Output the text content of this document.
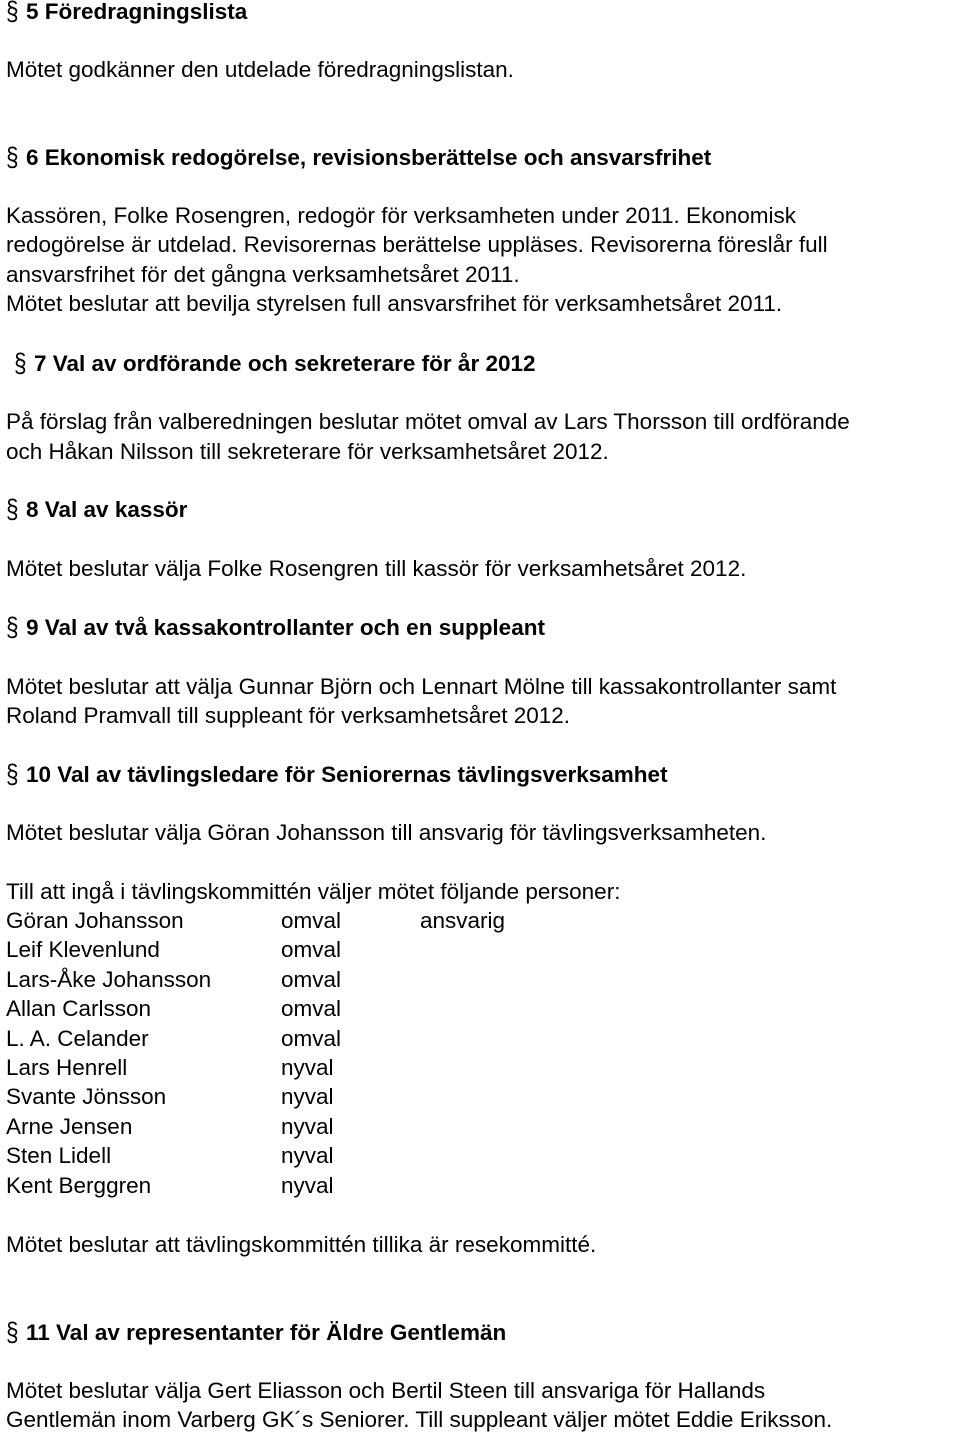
§ 5 Föredragningslista
Mötet godkänner den utdelade föredragningslistan.
§ 6 Ekonomisk redogörelse, revisionsberättelse och ansvarsfrihet
Kassören, Folke Rosengren, redogör för verksamheten under 2011. Ekonomisk
redogörelse är utdelad. Revisorernas berättelse uppläses. Revisorerna föreslår full
ansvarsfrihet för det gångna verksamhetsåret 2011.
Mötet beslutar att bevilja styrelsen full ansvarsfrihet för verksamhetsåret 2011.
§ 7 Val av ordförande och sekreterare för år 2012
På förslag från valberedningen beslutar mötet omval av Lars Thorsson till ordförande
och Håkan Nilsson till sekreterare för verksamhetsåret 2012.
§ 8 Val av kassör
Mötet beslutar välja Folke Rosengren till kassör för verksamhetsåret 2012.
§ 9 Val av två kassakontrollanter och en suppleant
Mötet beslutar att välja Gunnar Björn och Lennart Mölne till kassakontrollanter samt
Roland Pramvall till suppleant för verksamhetsåret 2012.
§ 10 Val av tävlingsledare för Seniorernas tävlingsverksamhet
Mötet beslutar välja Göran Johansson till ansvarig för tävlingsverksamheten.
Till att ingå i tävlingskommittén väljer mötet följande personer:
Göran Johansson	omval	ansvarig
Leif Klevenlund	omval
Lars-Åke Johansson	omval
Allan Carlsson	omval
L. A. Celander	omval
Lars Henrell	nyval
Svante Jönsson	nyval
Arne Jensen	nyval
Sten Lidell	nyval
Kent Berggren	nyval
Mötet beslutar att tävlingskommittén tillika är resekommitté.
§ 11 Val av representanter för Äldre Gentlemän
Mötet beslutar välja Gert Eliasson och Bertil Steen till ansvariga för Hallands
Gentlemän inom Varberg GK´s Seniorer. Till suppleant väljer mötet Eddie Eriksson.
